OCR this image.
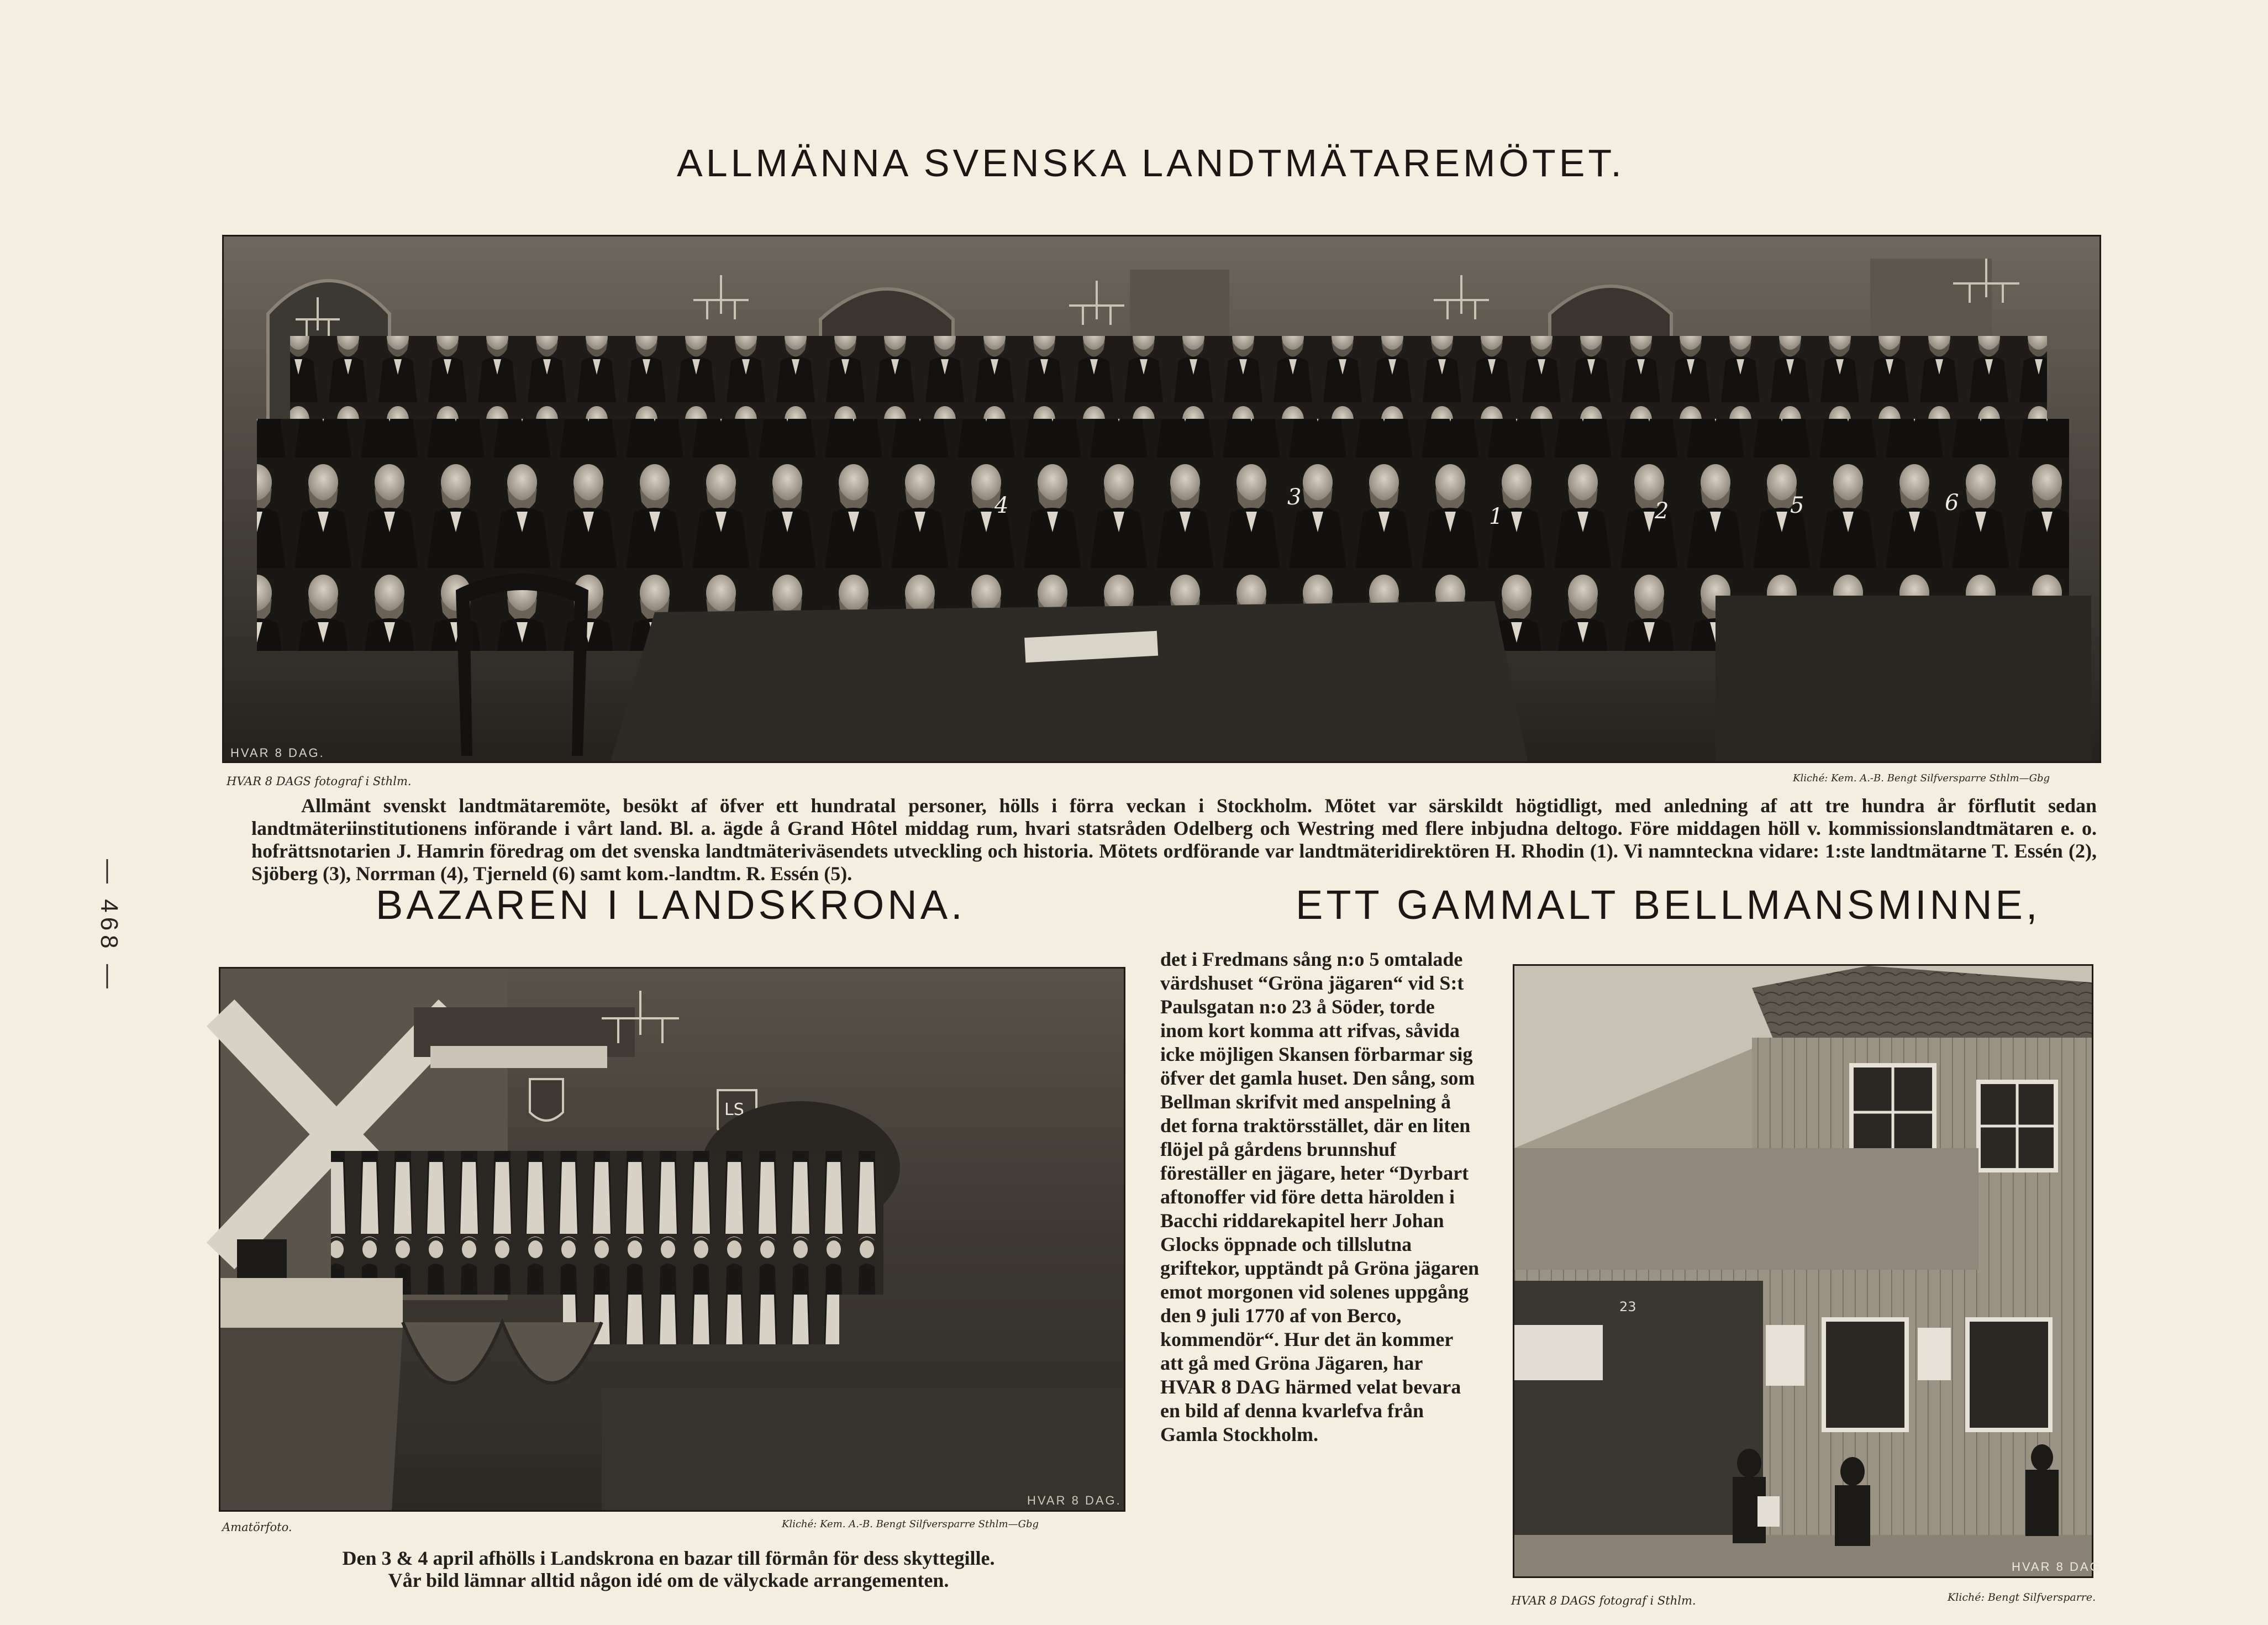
— 468 —
ALLMÄNNA SVENSKA LANDTMÄTAREMÖTET.
4	3
2	5	6
1
HVAR 8 DAG.
HVAR 8 DAGS fotograf i Sthlm.	Kliché: Kem. A.-B. Bengt Silfversparre Sthlm—Gbg

Allmänt svenskt landtmätaremöte, besökt af öfver ett hundratal personer, hölls i förra veckan i Stockholm. Mötet var särskildt högtidligt, med anledning af att tre hundra år förflutit sedan landtmäteriinstitutionens införande i vårt land. Bl. a. ägde å Grand Hôtel middag rum, hvari statsråden Odelberg och Westring med flere inbjudna deltogo. Före middagen höll v. kommissionslandtmätaren e. o. hofrättsnotarien J. Hamrin föredrag om det svenska landtmäteriväsendets utveckling och historia. Mötets ordförande var landtmäteridirektören H. Rhodin (1). Vi namnteckna vidare: 1:ste landtmätarne T. Essén (2), Sjöberg (3), Norrman (4), Tjerneld (6) samt kom.-landtm. R. Essén (5).

BAZAREN I LANDSKRONA.
LS
HVAR 8 DAG.
Amatörfoto.	Kliché: Kem. A.-B. Bengt Silfversparre Sthlm—Gbg

Den 3 & 4 april afhölls i Landskrona en bazar till förmån för dess skyttegille.

Vår bild lämnar alltid någon idé om de välyckade arrangementen.

ETT GAMMALT BELLMANSMINNE,

det i Fredmans sång n:o 5 omtalade värdshuset “Gröna jägaren“ vid S:t Paulsgatan n:o 23 å Söder, torde inom kort komma att rifvas, såvida icke möjligen Skansen förbarmar sig öfver det gamla huset. Den sång, som Bellman skrifvit med anspelning å det forna traktörsstället, där en liten flöjel på gårdens brunnshuf föreställer en jägare, heter “Dyrbart aftonoffer vid före detta härolden i Bacchi riddarekapitel herr Johan Glocks öppnade och tillslutna griftekor, upptändt på Gröna jägaren emot morgonen vid solenes uppgång den 9 juli 1770 af von Berco, kommendör“. Hur det än kommer att gå med Gröna Jägaren, har HVAR 8 DAG härmed velat bevara en bild af denna kvarlefva från Gamla Stockholm.

23
HVAR 8 DAG.
HVAR 8 DAGS fotograf i Sthlm.	Kliché: Bengt Silfversparre.
